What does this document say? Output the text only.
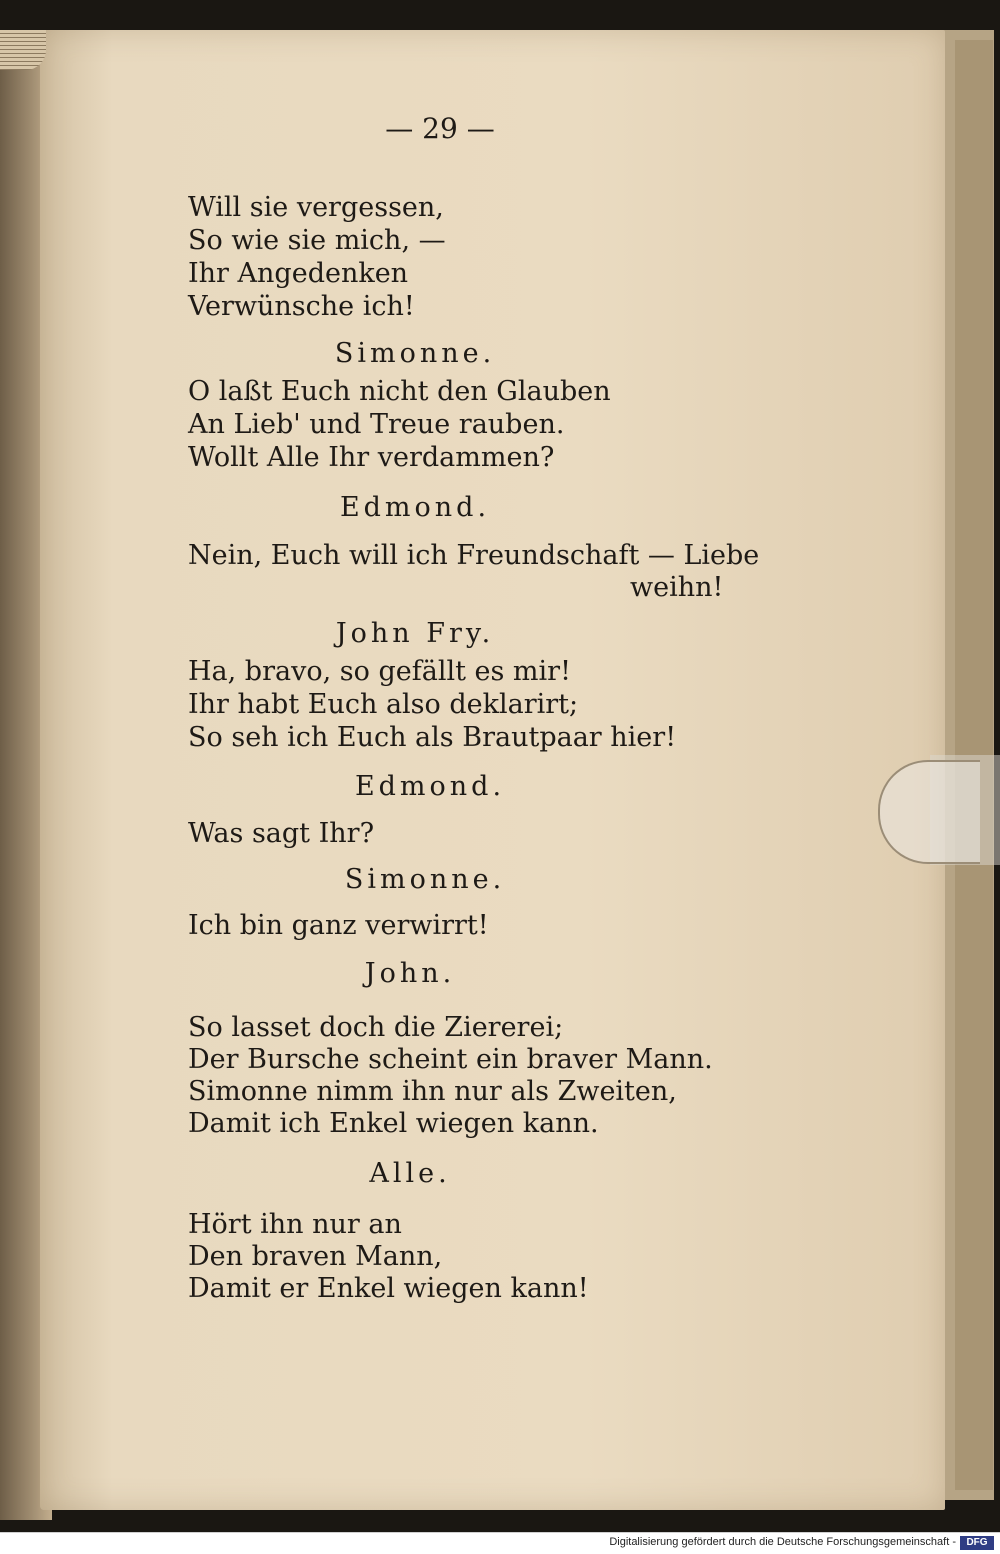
— 29 —
Will sie vergessen,
So wie sie mich, —
Ihr Angedenken
Verwünsche ich!
Simonne.
O laßt Euch nicht den Glauben
An Lieb' und Treue rauben.
Wollt Alle Ihr verdammen?
Edmond.
Nein, Euch will ich Freundschaft — Liebe
weihn!
John Fry.
Ha, bravo, so gefällt es mir!
Ihr habt Euch also deklarirt;
So seh ich Euch als Brautpaar hier!
Edmond.
Was sagt Ihr?
Simonne.
Ich bin ganz verwirrt!
John.
So lasset doch die Ziererei;
Der Bursche scheint ein braver Mann.
Simonne nimm ihn nur als Zweiten,
Damit ich Enkel wiegen kann.
Alle.
Hört ihn nur an
Den braven Mann,
Damit er Enkel wiegen kann!
Digitalisierung gefördert durch die Deutsche Forschungsgemeinschaft -	DFG
